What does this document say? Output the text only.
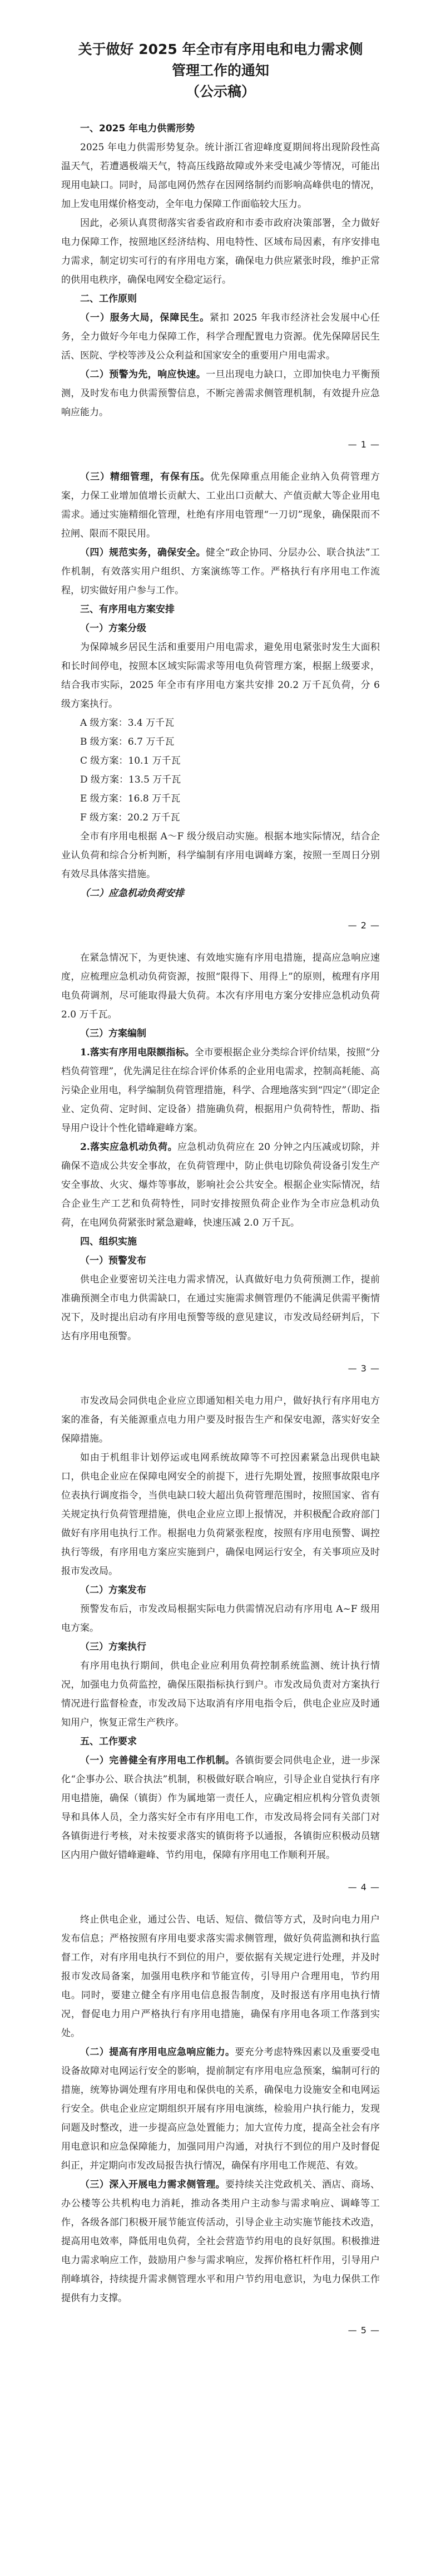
关于做好 2025 年全市有序用电和电力需求侧
管理工作的通知
（公示稿）
一、2025 年电力供需形势

2025 年电力供需形势复杂。统计浙江省迎峰度夏期间将出现阶段性高温天气，若遭遇极端天气，特高压线路故障或外来受电减少等情况，可能出现用电缺口。同时，局部电网仍然存在因网络制约而影响高峰供电的情况，加上发电用煤价格变动，全年电力保障工作面临较大压力。

因此，必须认真贯彻落实省委省政府和市委市政府决策部署，全力做好电力保障工作，按照地区经济结构、用电特性、区域布局因素，有序安排电力需求，制定切实可行的有序用电方案，确保电力供应紧张时段，维护正常的供用电秩序，确保电网安全稳定运行。

二、工作原则

（一）服务大局，保障民生。紧扣 2025 年我市经济社会发展中心任务，全力做好今年电力保障工作，科学合理配置电力资源。优先保障居民生活、医院、学校等涉及公众利益和国家安全的重要用户用电需求。

（二）预警为先，响应快速。一旦出现电力缺口，立即加快电力平衡预测，及时发布电力供需预警信息，不断完善需求侧管理机制，有效提升应急响应能力。

— 1 —

（三）精细管理，有保有压。优先保障重点用能企业纳入负荷管理方案，力保工业增加值增长贡献大、工业出口贡献大、产值贡献大等企业用电需求。通过实施精细化管理，杜绝有序用电管理“一刀切”现象，确保限而不拉闸、限而不限民用。

（四）规范实务，确保安全。健全“政企协同、分层办公、联合执法”工作机制，有效落实用户组织、方案演练等工作。严格执行有序用电工作流程，切实做好用户参与工作。

三、有序用电方案安排
（一）方案分级

为保障城乡居民生活和重要用户用电需求，避免用电紧张时发生大面积和长时间停电，按照本区域实际需求等用电负荷管理方案，根据上级要求，结合我市实际，2025 年全市有序用电方案共安排 20.2 万千瓦负荷，分 6 级方案执行。

A 级方案：3.4 万千瓦
B 级方案：6.7 万千瓦
C 级方案：10.1 万千瓦
D 级方案：13.5 万千瓦
E 级方案：16.8 万千瓦
F 级方案：20.2 万千瓦

全市有序用电根据 A～F 级分级启动实施。根据本地实际情况，结合企业认负荷和综合分析判断，科学编制有序用电调峰方案，按照一至周日分别有效尽具体落实措施。

（二）应急机动负荷安排
— 2 —

在紧急情况下，为更快速、有效地实施有序用电措施，提高应急响应速度，应梳理应急机动负荷资源，按照“限得下、用得上”的原则，梳理有序用电负荷调剂，尽可能取得最大负荷。本次有序用电方案分安排应急机动负荷 2.0 万千瓦。

（三）方案编制

1.落实有序用电限额指标。全市要根据企业分类综合评价结果，按照“分档负荷管理”，优先满足往在综合评价体系的企业用电需求，控制高耗能、高污染企业用电，科学编制负荷管理措施，科学、合理地落实到“四定”（即定企业、定负荷、定时间、定设备）措施确负荷，根据用户负荷特性，帮助、指导用户设计个性化错峰避峰方案。

2.落实应急机动负荷。应急机动负荷应在 20 分钟之内压减或切除，并确保不造成公共安全事故，在负荷管理中，防止供电切除负荷设备引发生产安全事故、火灾、爆炸等事故，影响社会公共安全。根据企业实际情况，结合企业生产工艺和负荷特性，同时安排按照负荷企业作为全市应急机动负荷，在电网负荷紧张时紧急避峰，快速压减 2.0 万千瓦。

四、组织实施
（一）预警发布

供电企业要密切关注电力需求情况，认真做好电力负荷预测工作，提前准确预测全市电力供需缺口，在通过实施需求侧管理仍不能满足供需平衡情况下，及时提出启动有序用电预警等级的意见建议，市发改局经研判后，下达有序用电预警。

— 3 —

市发改局会同供电企业应立即通知相关电力用户，做好执行有序用电方案的准备，有关能源重点电力用户要及时报告生产和保安电源，落实好安全保障措施。

如由于机组非计划停运或电网系统故障等不可控因素紧急出现供电缺口，供电企业应在保障电网安全的前提下，进行先期处置，按照事故限电序位表执行调度指令，当供电缺口较大超出负荷管理范围时，按照国家、省有关规定执行负荷管理措施，供电企业应立即上报情况，并积极配合政府部门做好有序用电执行工作。根据电力负荷紧张程度，按照有序用电预警、调控执行等级，有序用电方案应实施到户，确保电网运行安全，有关事项应及时报市发改局。

（二）方案发布

预警发布后，市发改局根据实际电力供需情况启动有序用电 A~F 级用电方案。

（三）方案执行

有序用电执行期间，供电企业应利用负荷控制系统监测、统计执行情况，加强电力负荷监控，确保压限指标执行到户。市发改局负责对方案执行情况进行监督检查，市发改局下达取消有序用电指令后，供电企业应及时通知用户，恢复正常生产秩序。

五、工作要求

（一）完善健全有序用电工作机制。各镇街要会同供电企业，进一步深化“企事办公、联合执法”机制，积极做好联合响应，引导企业自觉执行有序用电措施，确保（镇街）作为属地第一责任人，应确定相应机构分管负责领导和具体人员，全力落实好全市有序用电工作，市发改局将会同有关部门对各镇街进行考核，对未按要求落实的镇街将予以通报，各镇街应积极动员辖区内用户做好错峰避峰、节约用电，保障有序用电工作顺利开展。

— 4 —

终止供电企业，通过公告、电话、短信、微信等方式，及时向电力用户发布信息；严格按照有序用电要求落实需求侧管理，做好负荷监测和执行监督工作，对有序用电执行不到位的用户，要依据有关规定进行处理，并及时报市发改局备案，加强用电秩序和节能宣传，引导用户合理用电，节约用电。同时，要建立健全有序用电信息报告制度，及时报送有序用电执行情况，督促电力用户严格执行有序用电措施，确保有序用电各项工作落到实处。

（二）提高有序用电应急响应能力。要充分考虑特殊因素以及重要受电设备故障对电网运行安全的影响，提前制定有序用电应急预案，编制可行的措施，统筹协调处理有序用电和保供电的关系，确保电力设施安全和电网运行安全。供电企业应定期组织开展有序用电演练，检验用户执行能力，发现问题及时整改，进一步提高应急处置能力；加大宣传力度，提高全社会有序用电意识和应急保障能力，加强同用户沟通，对执行不到位的用户及时督促纠正，并定期向市发改局报告执行情况，确保有序用电工作规范、有效。

（三）深入开展电力需求侧管理。要持续关注党政机关、酒店、商场、办公楼等公共机构电力消耗，推动各类用户主动参与需求响应、调峰等工作，各级各部门积极开展节能宣传活动，引导企业主动实施节能技术改造，提高用电效率，降低用电负荷，全社会营造节约用电的良好氛围。积极推进电力需求响应工作，鼓励用户参与需求响应，发挥价格杠杆作用，引导用户削峰填谷，持续提升需求侧管理水平和用户节约用电意识，为电力保供工作提供有力支撑。

— 5 —
